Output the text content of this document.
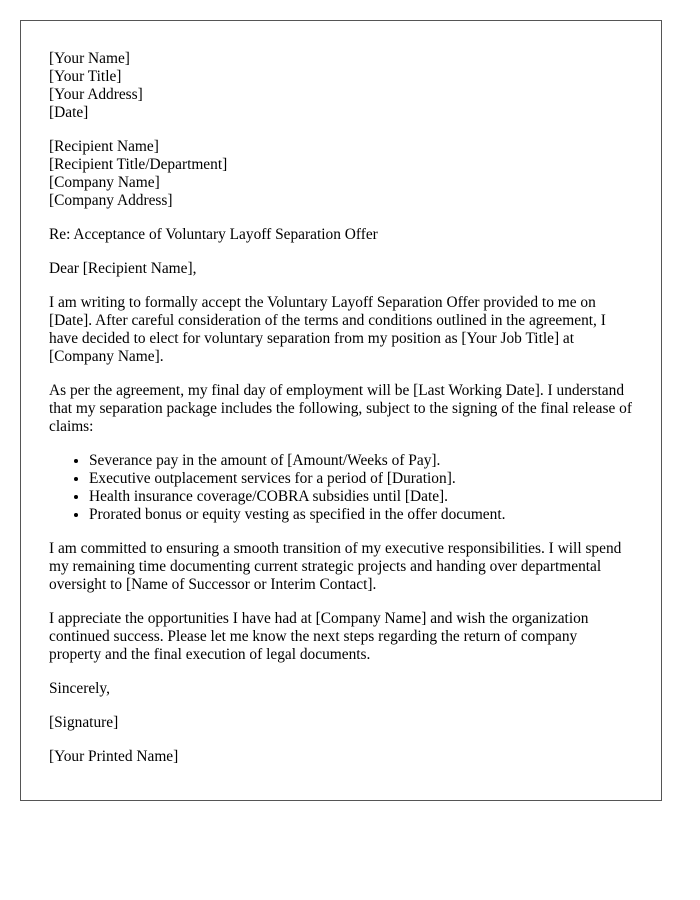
[Your Name]
[Your Title]
[Your Address]
[Date]
[Recipient Name]
[Recipient Title/Department]
[Company Name]
[Company Address]

Re: Acceptance of Voluntary Layoff Separation Offer

Dear [Recipient Name],

I am writing to formally accept the Voluntary Layoff Separation Offer provided to me on [Date]. After careful consideration of the terms and conditions outlined in the agreement, I have decided to elect for voluntary separation from my position as [Your Job Title] at [Company Name].

As per the agreement, my final day of employment will be [Last Working Date]. I understand that my separation package includes the following, subject to the signing of the final release of claims:

• Severance pay in the amount of [Amount/Weeks of Pay].
• Executive outplacement services for a period of [Duration].
• Health insurance coverage/COBRA subsidies until [Date].
• Prorated bonus or equity vesting as specified in the offer document.

I am committed to ensuring a smooth transition of my executive responsibilities. I will spend my remaining time documenting current strategic projects and handing over departmental oversight to [Name of Successor or Interim Contact].

I appreciate the opportunities I have had at [Company Name] and wish the organization continued success. Please let me know the next steps regarding the return of company property and the final execution of legal documents.

Sincerely,

[Signature]

[Your Printed Name]
